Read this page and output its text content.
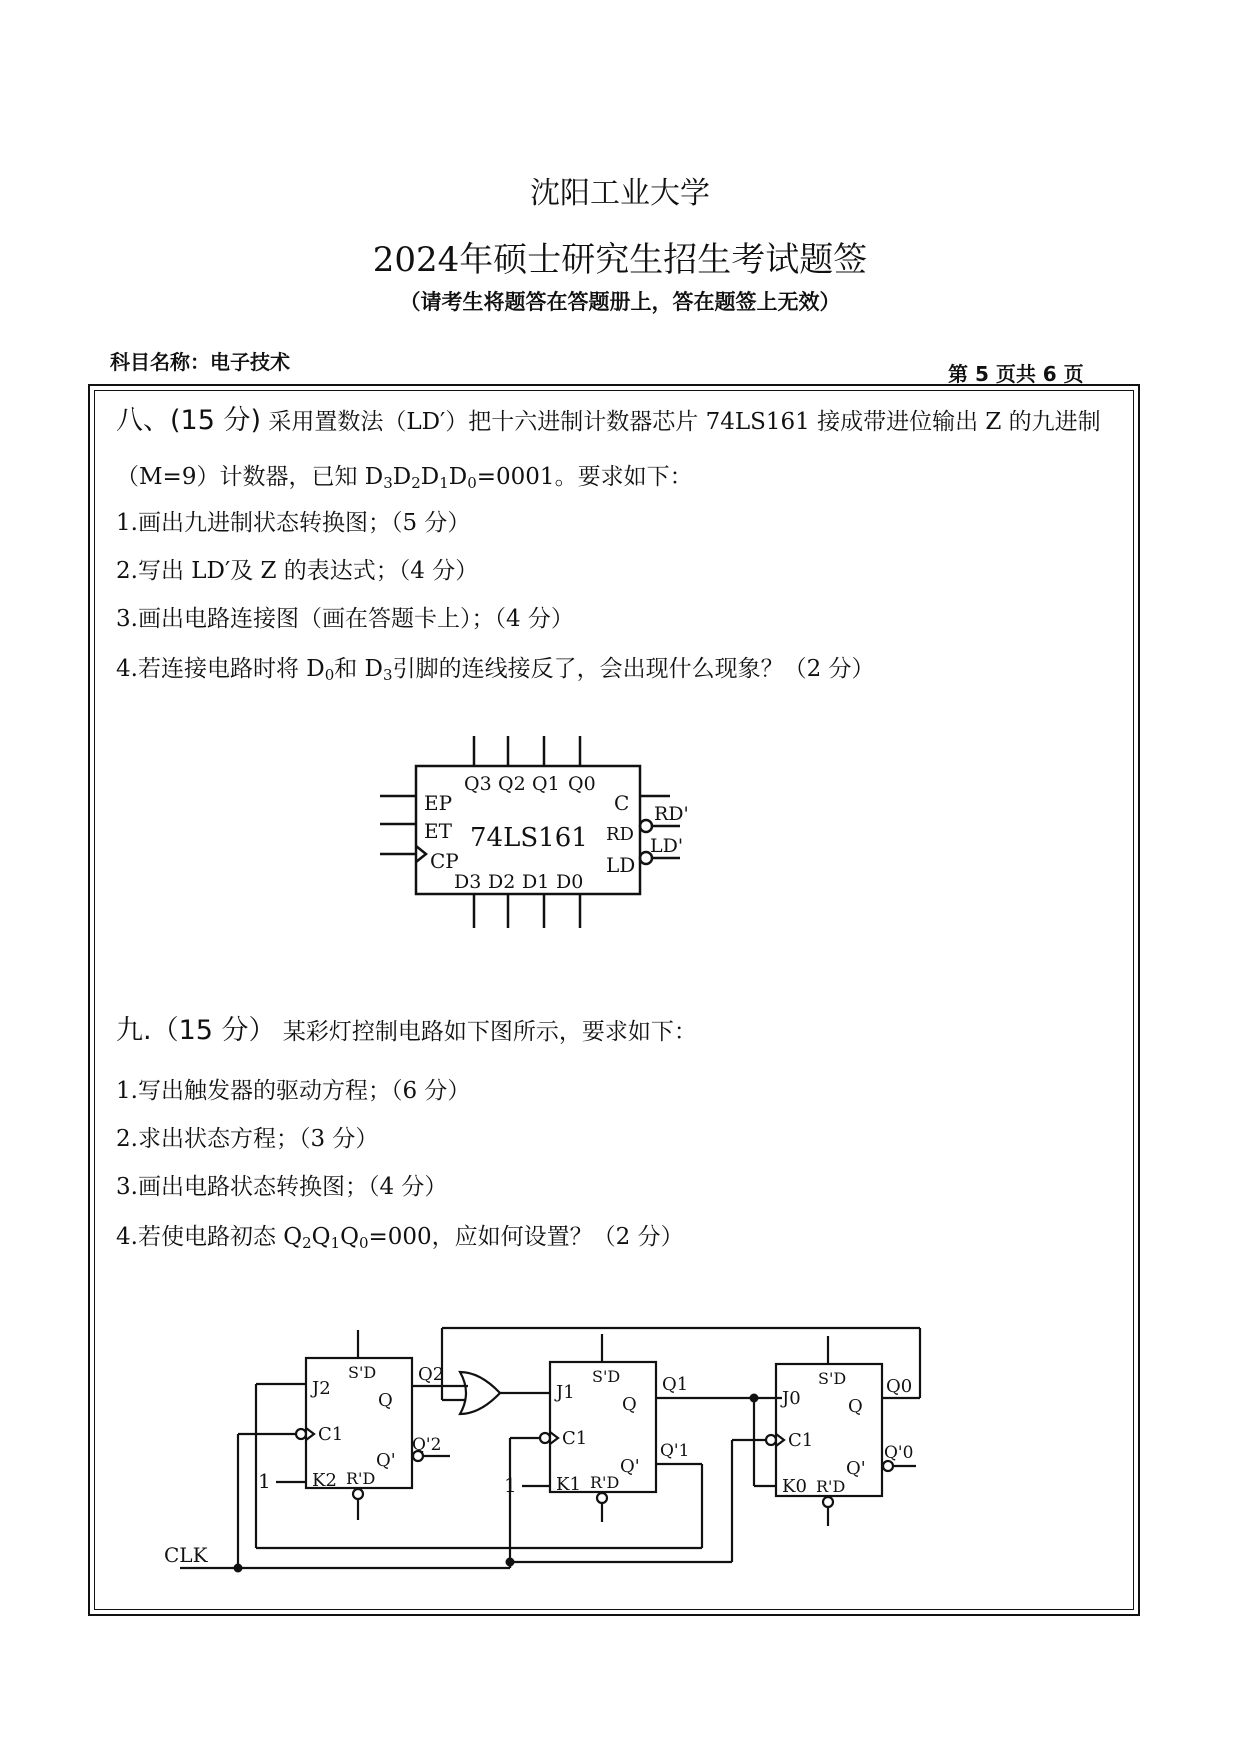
沈阳工业大学
2024年硕士研究生招生考试题签
（请考生将题答在答题册上，答在题签上无效）
科目名称：电子技术	第 5 页共 6 页
八、(15 分) 采用置数法（LD′）把十六进制计数器芯片 74LS161 接成带进位输出 Z 的九进制
（M=9）计数器，已知 $D_3D_2D_1D_0=0001$。要求如下：
1.画出九进制状态转换图；（5 分）
2.写出 LD′及 Z 的表达式；（4 分）
3.画出电路连接图（画在答题卡上）；（4 分）
4.若连接电路时将 $D_0$和 $D_3$引脚的连线接反了，会出现什么现象？（2 分）
Q3 Q2 Q1 Q0
EP
ET
CP
74LS161
C
RD
LD
D3 D2 D1 D0
RD'
LD'
九.（15 分） 某彩灯控制电路如下图所示，要求如下：
1.写出触发器的驱动方程；（6 分）
2.求出状态方程；（3 分）
3.画出电路状态转换图；（4 分）
4.若使电路初态 $Q_2Q_1Q_0=000$，应如何设置？（2 分）
CLK
1	1
J2
C1
K2
S'D
R'D
Q
Q'
Q2
Q'2
J1
C1
K1
S'D
R'D
Q
Q'
Q1
Q'1
J0
C1
K0
S'D
R'D
Q
Q'
Q0
Q'0
